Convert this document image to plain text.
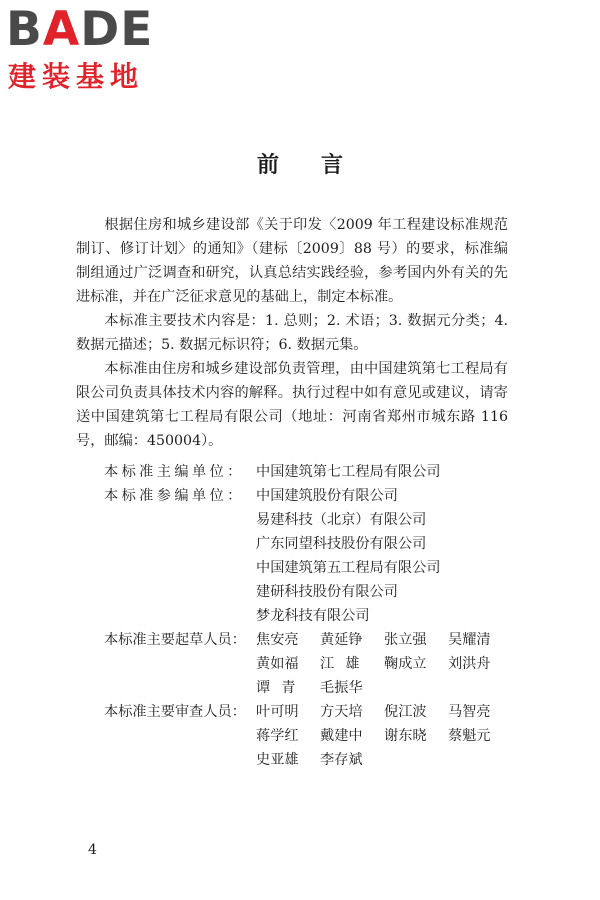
BADE
建装基地
前言

根据住房和城乡建设部《关于印发〈2009 年工程建设标准规范制订、修订计划〉的通知》（建标〔2009〕88 号）的要求，标准编制组通过广泛调查和研究，认真总结实践经验，参考国内外有关的先进标准，并在广泛征求意见的基础上，制定本标准。

本标准主要技术内容是：1. 总则；2. 术语；3. 数据元分类；4. 数据元描述；5. 数据元标识符；6. 数据元集。

本标准由住房和城乡建设部负责管理，由中国建筑第七工程局有限公司负责具体技术内容的解释。执行过程中如有意见或建议，请寄送中国建筑第七工程局有限公司（地址：河南省郑州市城东路 116 号，邮编：450004）。

本标准主编单位： 中国建筑第七工程局有限公司
本标准参编单位： 中国建筑股份有限公司
易建科技（北京）有限公司
广东同望科技股份有限公司
中国建筑第五工程局有限公司
建研科技股份有限公司
梦龙科技有限公司
本标准主要起草人员： 焦安亮	黄延铮	张立强	吴耀清
黄如福	江雄 鞠成立	刘洪舟
谭青 毛振华
本标准主要审查人员： 叶可明	方天培	倪江波	马智亮
蒋学红	戴建中	谢东晓	蔡魁元
史亚雄	李存斌
4
